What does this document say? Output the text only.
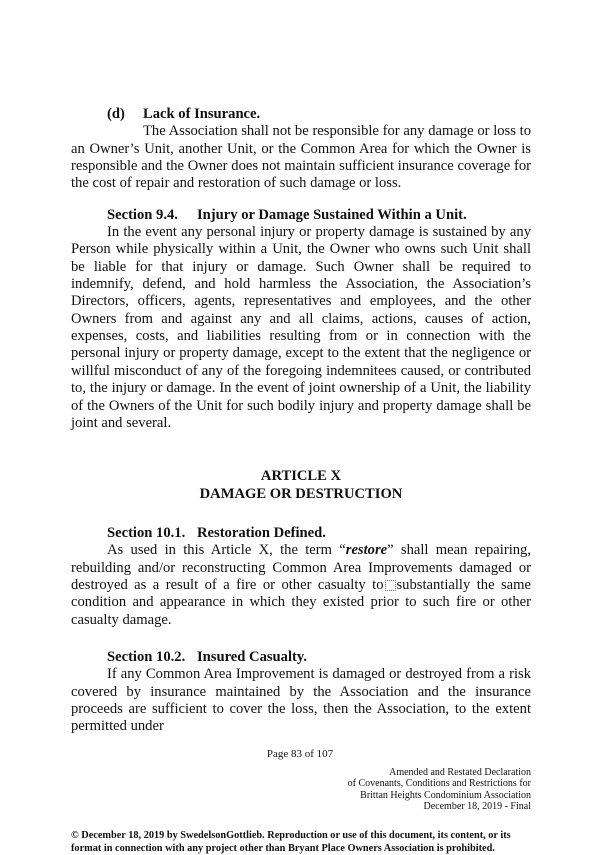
(d) Lack of Insurance.
The Association shall not be responsible for any damage or loss to an Owner’s Unit, another Unit, or the Common Area for which the Owner is responsible and the Owner does not maintain sufficient insurance coverage for the cost of repair and restoration of such damage or loss.
Section 9.4. Injury or Damage Sustained Within a Unit.
In the event any personal injury or property damage is sustained by any Person while physically within a Unit, the Owner who owns such Unit shall be liable for that injury or damage. Such Owner shall be required to indemnify, defend, and hold harmless the Association, the Association’s Directors, officers, agents, representatives and employees, and the other Owners from and against any and all claims, actions, causes of action, expenses, costs, and liabilities resulting from or in connection with the personal injury or property damage, except to the extent that the negligence or willful misconduct of any of the foregoing indemnitees caused, or contributed to, the injury or damage. In the event of joint ownership of a Unit, the liability of the Owners of the Unit for such bodily injury and property damage shall be joint and several.
ARTICLE X
DAMAGE OR DESTRUCTION
Section 10.1. Restoration Defined.
As used in this Article X, the term “restore” shall mean repairing, rebuilding and/or reconstructing Common Area Improvements damaged or destroyed as a result of a fire or other casualty to substantially the same condition and appearance in which they existed prior to such fire or other casualty damage.
Section 10.2. Insured Casualty.
If any Common Area Improvement is damaged or destroyed from a risk covered by insurance maintained by the Association and the insurance proceeds are sufficient to cover the loss, then the Association, to the extent permitted under
Page 83 of 107
Amended and Restated Declaration
of Covenants, Conditions and Restrictions for
Brittan Heights Condominium Association
December 18, 2019 - Final
© December 18, 2019 by SwedelsonGottlieb. Reproduction or use of this document, its content, or its format in connection with any project other than Bryant Place Owners Association is prohibited.
